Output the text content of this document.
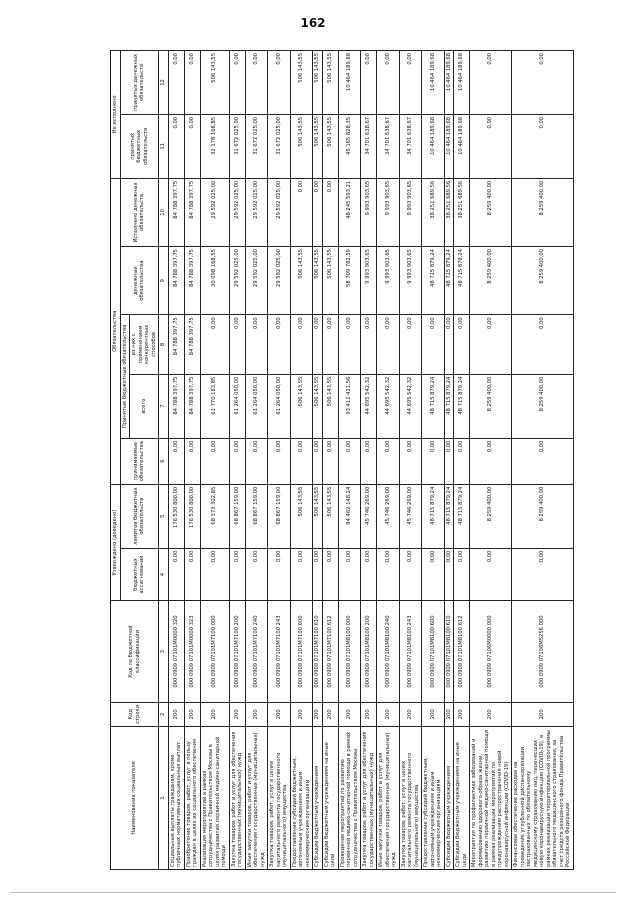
162
Наименование показателя	Код строки	Код по бюджетной классификации	Утверждено (доведено)		Обязательства					Не исполнено	
			бюджетных ассигнований	лимитов бюджетных обязательств	принимаемые обязательства	Принятые бюджетные обязательства		денежные обязательства	Исполнено денежных обязательств	принятых бюджетных обязательств	принятых денежных обязательств
						всего	из них с применением конкурентных способов				
1	2	3	4	5	6	7	8	9	10	11	12
Социальные выплаты гражданам, кроме публичных нормативных социальных выплат	200	000 0909 07101М0000 320	0,00	176 530 800,00	0,00	84 788 397,75	84 788 397,75	84 788 397,75	84 788 397,75	0,00	0,00
Приобретение товаров, работ, услуг в пользу граждан в целях их социального обеспечения	200	000 0909 07101М0000 323	0,00	176 530 800,00	0,00	84 788 397,75	84 788 397,75	84 788 397,75	84 788 397,75	0,00	0,00
Реализация мероприятий в рамках сотрудничества с Правительством Москвы в целях развития первичной медико-санитарной помощи	200	000 0909 07101М7100 000	0,00	68 373 302,85	0,00	61 770 183,85	0,00	30 098 168,55	29 592 025,00	32 178 168,85	506 143,55
Закупка товаров, работ и услуг для обеспечения государственных (муниципальных) нужд	200	000 0909 07101М7100 200	0,00	68 867 159,00	0,00	61 264 050,00	0,00	29 592 025,00	29 592 025,00	31 672 025,00	0,00
Иные закупки товаров, работ и услуг для обеспечения государственных (муниципальных) нужд	200	000 0909 07101М7100 240	0,00	68 867 159,00	0,00	61 264 050,00	0,00	29 592 025,00	29 592 025,00	31 672 025,00	0,00
Закупка товаров, работ, услуг в целях капитального ремонта государственного (муниципального) имущества	200	000 0909 07101М7100 243	0,00	68 867 159,00	0,00	61 264 050,00	0,00	29 592 025,00	29 592 025,00	31 672 025,00	0,00
Предоставление субсидий бюджетным, автономным учреждениям и иным некоммерческим организациям	200	000 0909 07101М7100 600	0,00	506 143,55	0,00	506 143,55	0,00	506 143,55	0,00	506 143,55	506 143,55
Субсидии бюджетным учреждениям	200	000 0909 07101М7100 610	0,00	506 143,55	0,00	506 143,55	0,00	506 143,55	0,00	506 143,55	506 143,55
Субсидии бюджетным учреждениям на иные цели	200	000 0909 07101М7100 612	0,00	506 143,55	0,00	506 143,55	0,00	506 143,55	0,00	506 143,55	506 143,55
Проведение мероприятий по развитию первичной медико-санитарной помощи в рамках сотрудничества с Правительством Москвы	200	000 0909 07101М8100 000	0,00	94 462 148,24	0,00	93 411 421,56	0,00	58 709 782,59	48 245 593,21	45 165 828,35	10 464 189,88
Закупка товаров, работ и услуг для обеспечения государственных (муниципальных) нужд	200	000 0909 07101М8100 200	0,00	45 746 269,00	0,00	44 695 542,32	0,00	9 993 903,65	9 993 903,65	34 701 638,67	0,00
Иные закупки товаров, работ и услуг для обеспечения государственных (муниципальных) нужд	200	000 0909 07101М8100 240	0,00	45 746 269,00	0,00	44 695 542,32	0,00	9 993 903,65	9 993 903,65	34 701 638,67	0,00
Закупка товаров, работ, услуг в целях капитального ремонта государственного (муниципального) имущества	200	000 0909 07101М8100 243	0,00	45 746 269,00	0,00	44 695 542,32	0,00	9 993 903,65	9 993 903,65	34 701 638,67	0,00
Предоставление субсидий бюджетным, автономным учреждениям и иным некоммерческим организациям	200	000 0909 07101М8100 600	0,00	48 715 879,24	0,00	48 715 879,24	0,00	48 715 879,24	38 251 689,56	10 464 189,68	10 464 189,68
Субсидии бюджетным учреждениям	200	000 0909 07101М8100 610	0,00	48 715 879,24	0,00	48 715 879,24	0,00	48 715 879,24	38 251 689,56	10 464 189,68	10 464 189,68
Субсидии бюджетным учреждениям на иные цели	200	000 0909 07101М8100 612	0,00	48 715 879,24	0,00	48 715 879,24	0,00	48 715 879,24	38 251 689,56	10 464 189,68	10 464 189,68
Мероприятия по профилактике заболеваний и формированию здорового образа жизни, развитию первичной медико-санитарной помощи в рамках реализации мероприятий по предупреждению распространения новой коронавирусной инфекции (COVID-19)	200	000 0909 07106М0000 000	0,00	8 259 400,00	0,00	8 259 400,00	0,00	8 259 400,00	8 259 400,00	0,00	0,00
Финансовое обеспечение расходов на проведение углубленной диспансеризации застрахованных по обязательному медицинскому страхованию лиц, перенесших новую коронавирусную инфекцию (COVID-19), в рамках реализации территориальной программы обязательного медицинского страхования, за счет средств резервного фонда Правительства Российской Федерации	200	000 0909 07106М5256 000	0,00	8 259 400,00	0,00	8 259 400,00	0,00	8 259 400,00	8 259 400,00	0,00	0,00
